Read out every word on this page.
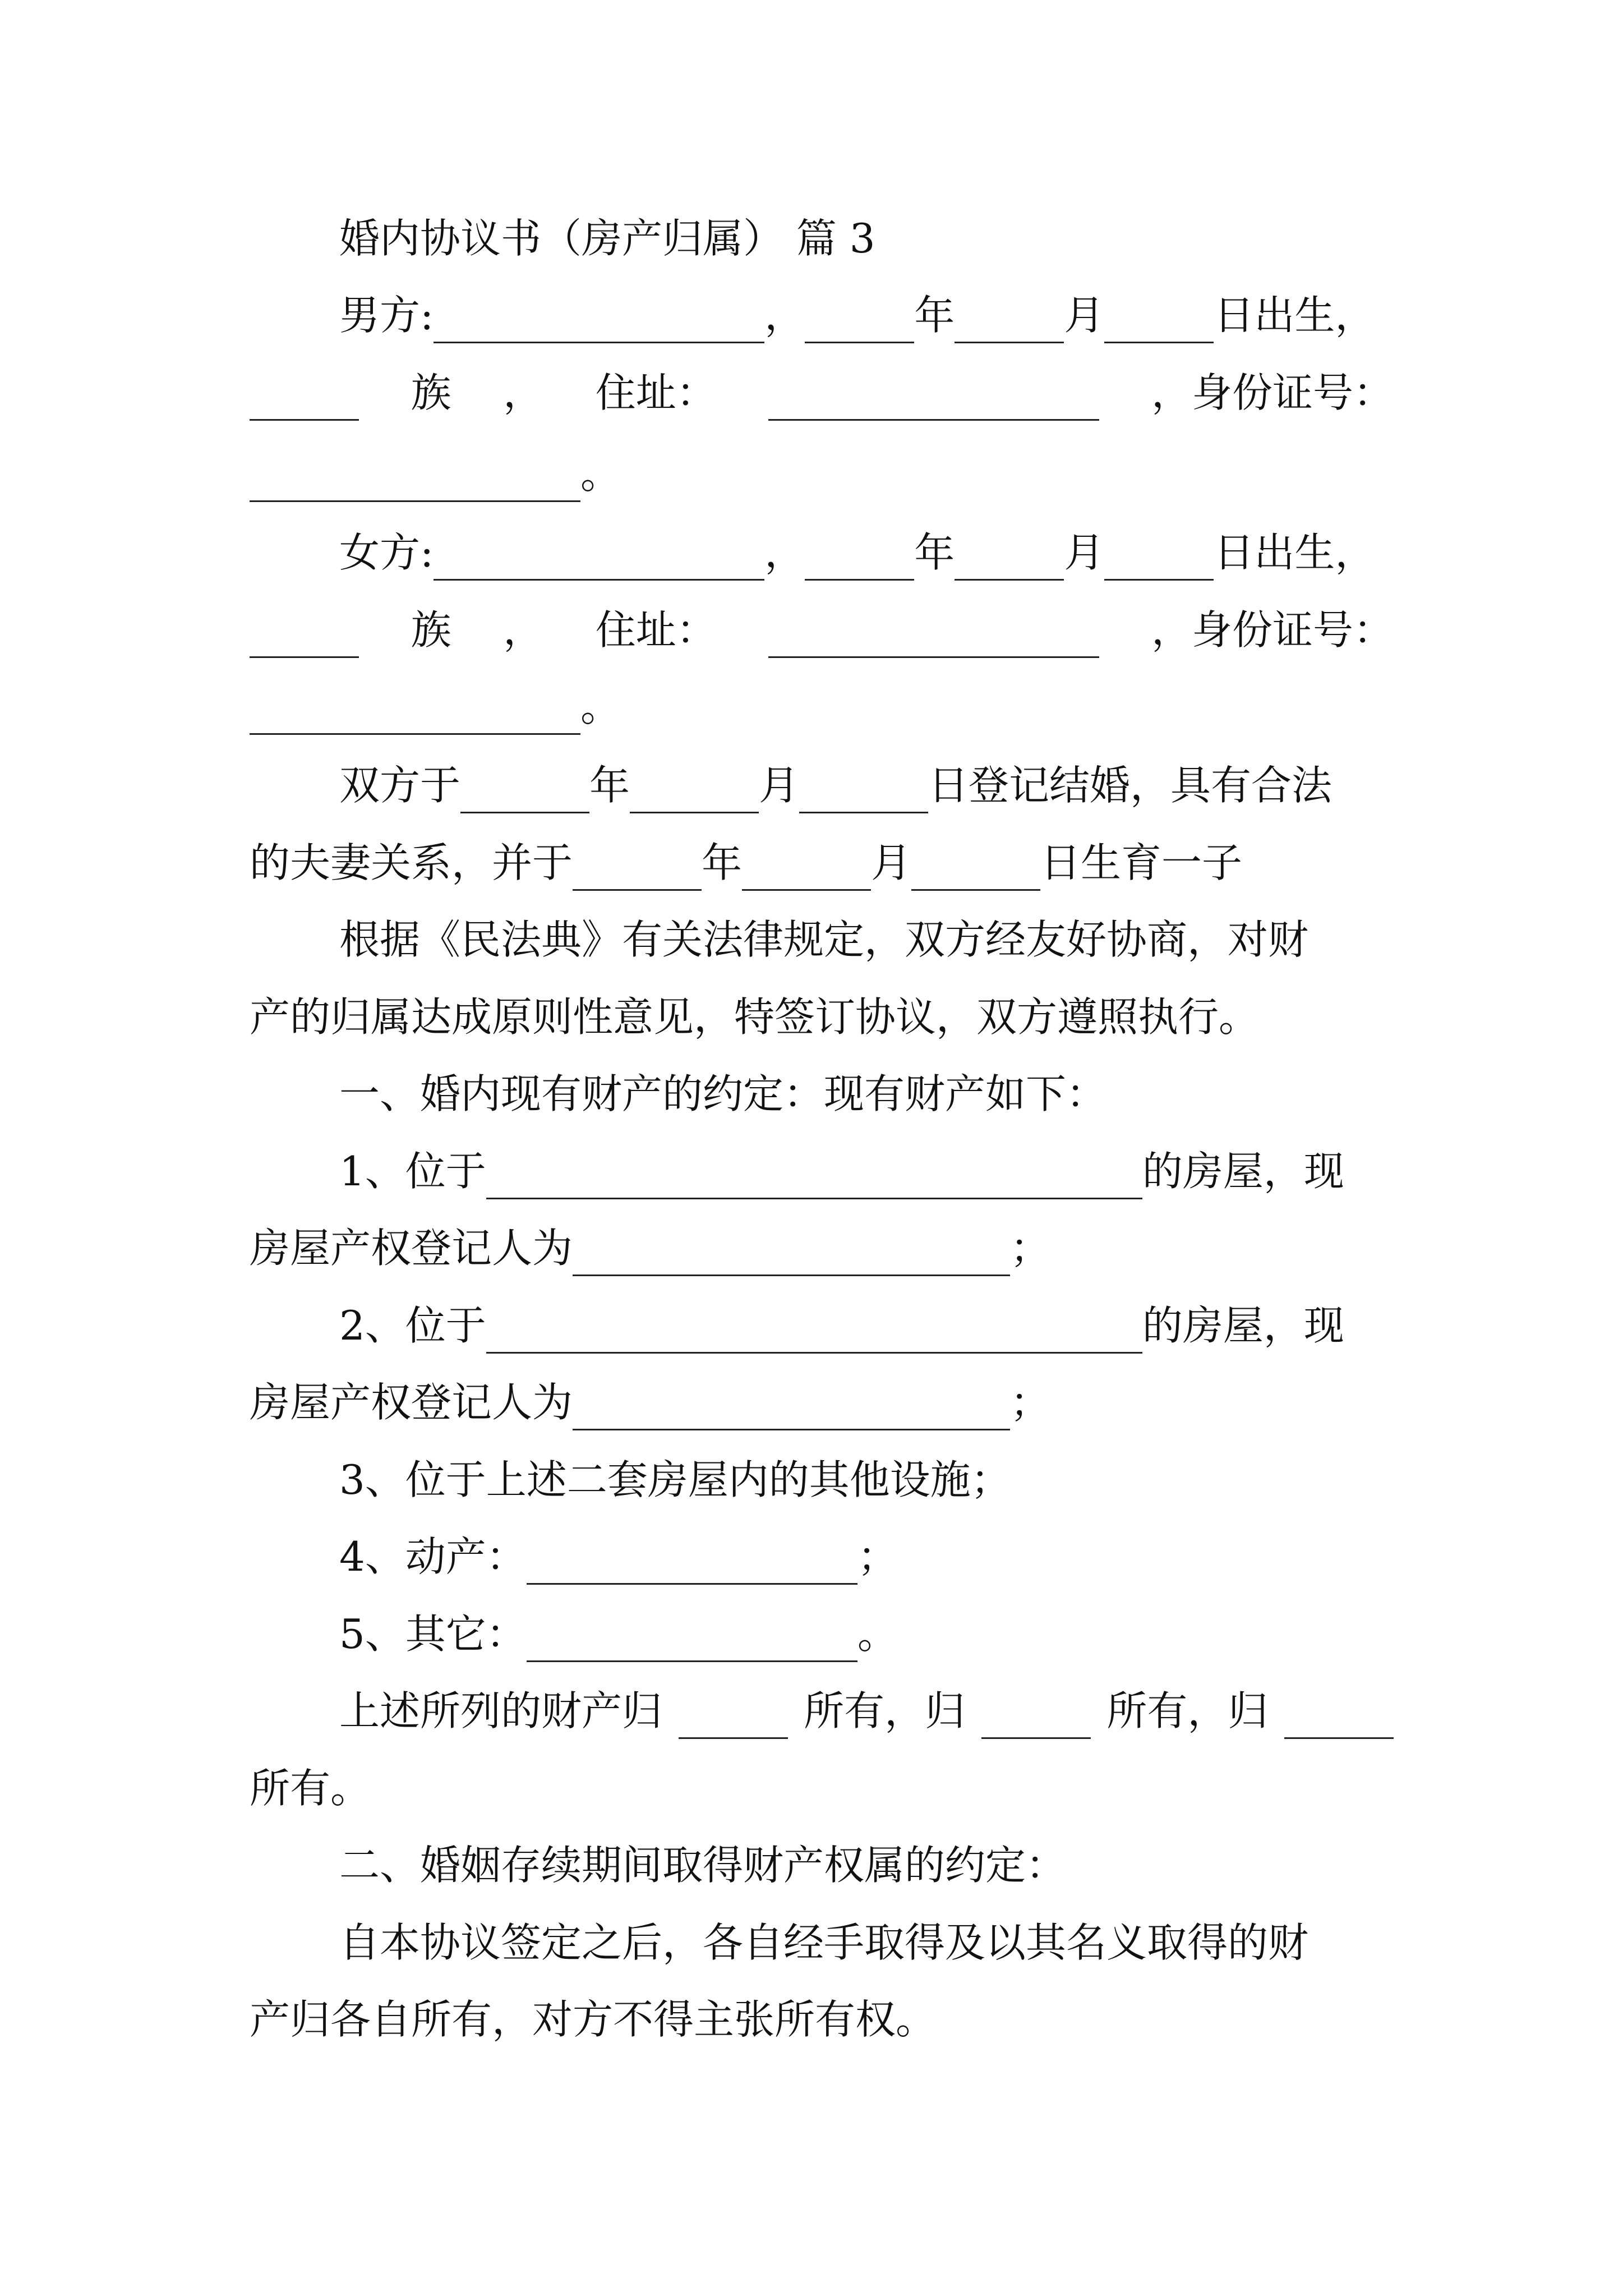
婚内协议书（房产归属） 篇 3
男方:	，	年	月	日出生，
族 ， 住址：	，身份证号：
。
女方:	，	年	月	日出生，
族 ， 住址：	，身份证号：
。
双方于	年	月	日登记结婚，具有合法
的夫妻关系，并于	年	月	日生育一子
根据《民法典》有关法律规定，双方经友好协商，对财
产的归属达成原则性意见，特签订协议，双方遵照执行。
一、婚内现有财产的约定：现有财产如下：
1、位于	的房屋，现
房屋产权登记人为	；
2、位于	的房屋，现
房屋产权登记人为	；
3、位于上述二套房屋内的其他设施；
4、动产：	；
5、其它：	。
上述所列的财产归	所有，归	所有，归
所有。
二、婚姻存续期间取得财产权属的约定：
自本协议签定之后，各自经手取得及以其名义取得的财
产归各自所有，对方不得主张所有权。
